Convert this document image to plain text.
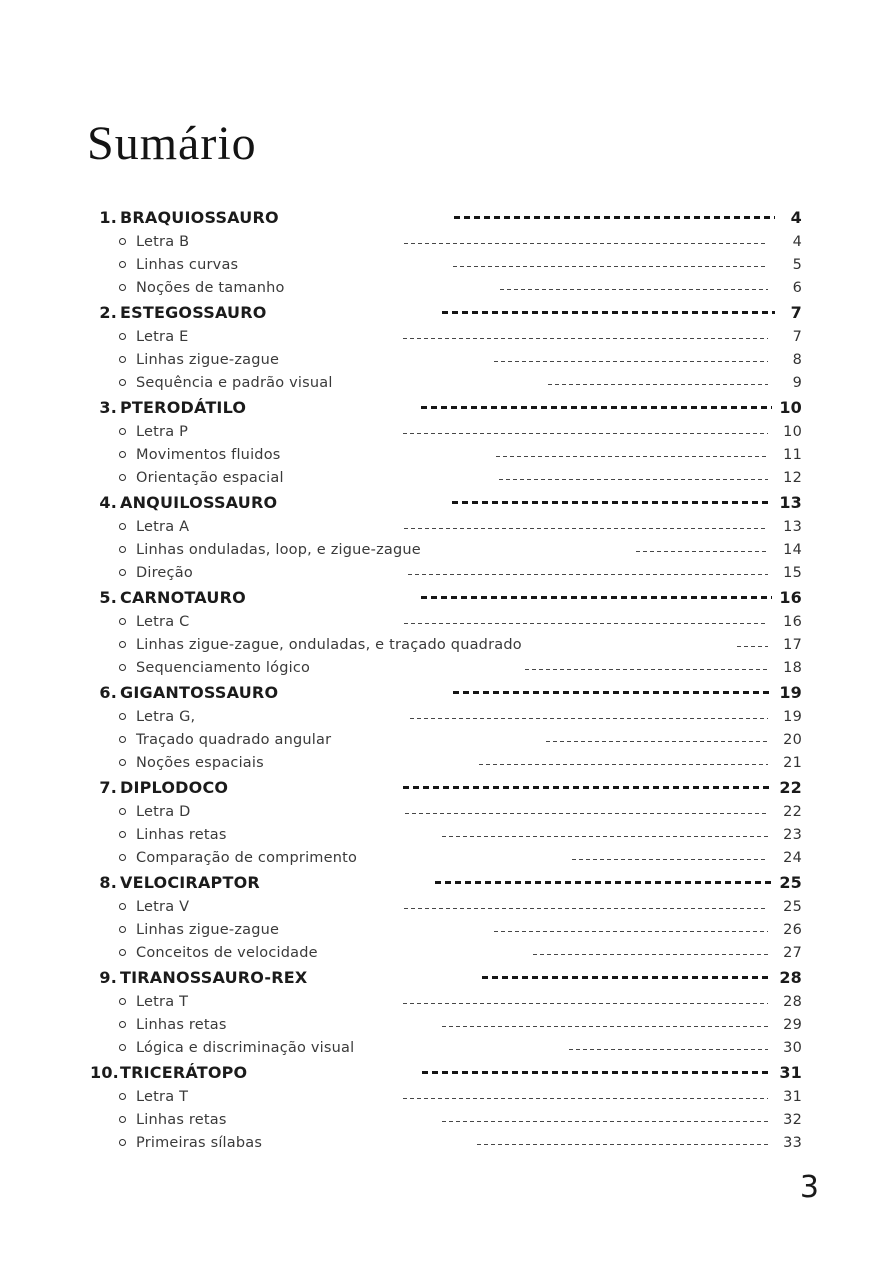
Sumário
1. BRAQUIOSSAURO	4
Letra B	4
Linhas curvas	5
Noções de tamanho	6
2. ESTEGOSSAURO	7
Letra E	7
Linhas zigue-zague	8
Sequência e padrão visual	9
3. PTERODÁTILO	10
Letra P	10
Movimentos fluidos	11
Orientação espacial	12
4. ANQUILOSSAURO	13
Letra A	13
Linhas onduladas, loop, e zigue-zague	14
Direção	15
5. CARNOTAURO	16
Letra C	16
Linhas zigue-zague, onduladas, e traçado quadrado	17
Sequenciamento lógico	18
6. GIGANTOSSAURO	19
Letra G,	19
Traçado quadrado angular	20
Noções espaciais	21
7. DIPLODOCO	22
Letra D	22
Linhas retas	23
Comparação de comprimento	24
8. VELOCIRAPTOR	25
Letra V	25
Linhas zigue-zague	26
Conceitos de velocidade	27
9. TIRANOSSAURO-REX	28
Letra T	28
Linhas retas	29
Lógica e discriminação visual	30
10. TRICERÁTOPO	31
Letra T	31
Linhas retas	32
Primeiras sílabas	33
3
